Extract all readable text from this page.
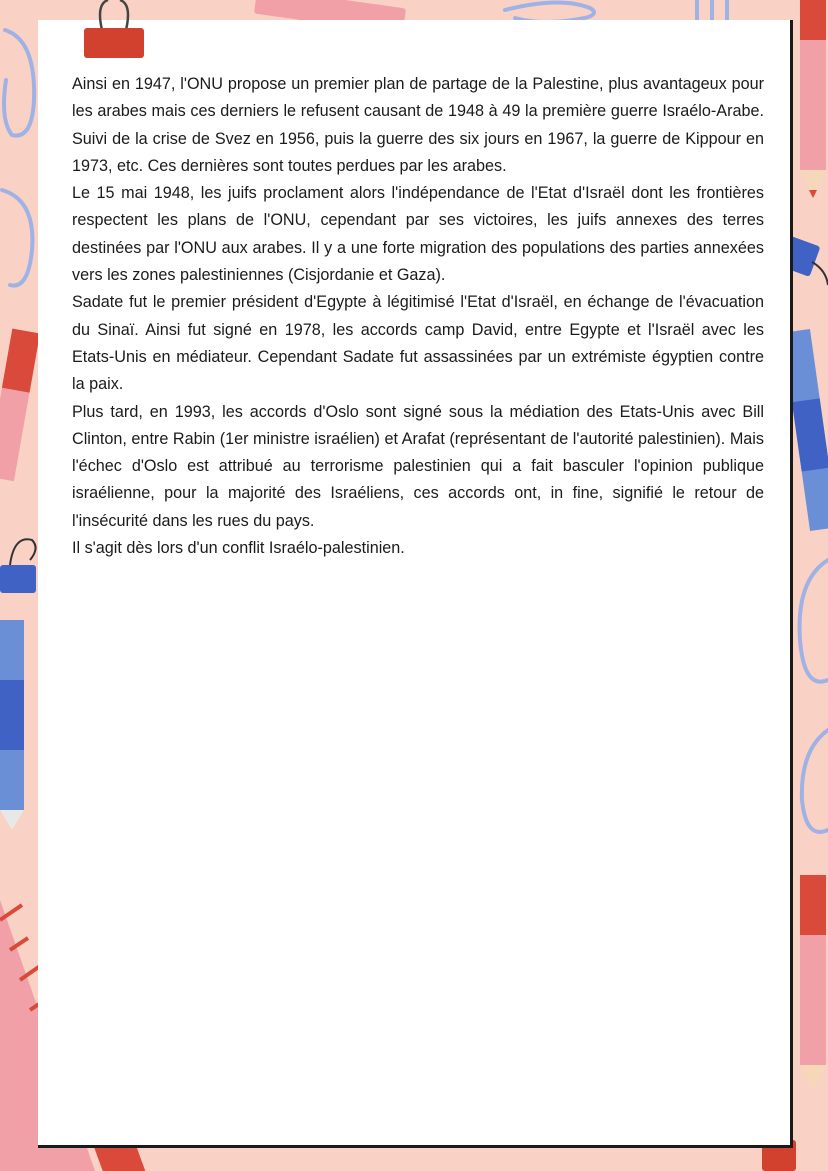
Ainsi en 1947, l'ONU propose un premier plan de partage de la Palestine, plus avantageux pour les arabes mais ces derniers le refusent causant de 1948 à 49 la première guerre Israélo-Arabe. Suivi de la crise de Svez en 1956, puis la guerre des six jours en 1967, la guerre de Kippour en 1973, etc. Ces dernières sont toutes perdues par les arabes.

Le 15 mai 1948, les juifs proclament alors l'indépendance de l'Etat d'Israël dont les frontières respectent les plans de l'ONU, cependant par ses victoires, les juifs annexes des terres destinées par l'ONU aux arabes. Il y a une forte migration des populations des parties annexées vers les zones palestiniennes (Cisjordanie et Gaza).

Sadate fut le premier président d'Egypte à légitimisé l'Etat d'Israël, en échange de l'évacuation du Sinaï. Ainsi fut signé en 1978, les accords camp David, entre Egypte et l'Israël avec les Etats-Unis en médiateur. Cependant Sadate fut assassinées par un extrémiste égyptien contre la paix.

Plus tard, en 1993, les accords d'Oslo sont signé sous la médiation des Etats-Unis avec Bill Clinton, entre Rabin (1er ministre israélien) et Arafat (représentant de l'autorité palestinien). Mais l'échec d'Oslo est attribué au terrorisme palestinien qui a fait basculer l'opinion publique israélienne, pour la majorité des Israéliens, ces accords ont, in fine, signifié le retour de l'insécurité dans les rues du pays.

Il s'agit dès lors d'un conflit Israélo-palestinien.
